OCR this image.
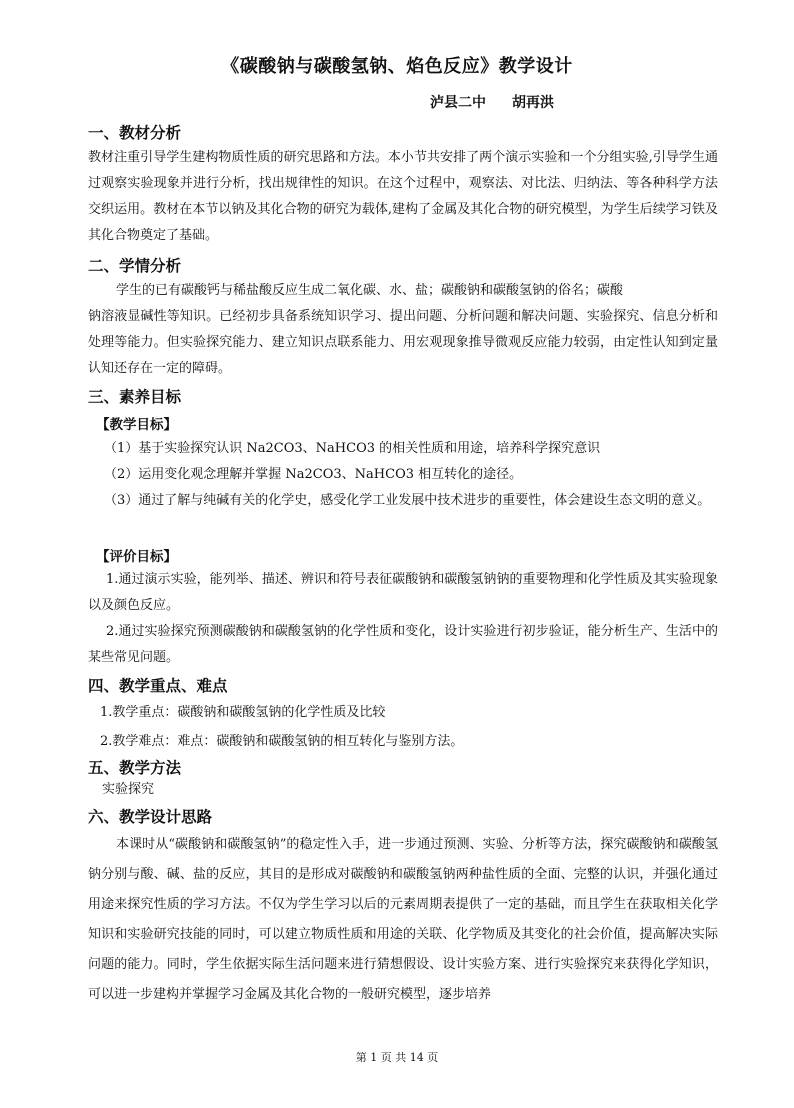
《碳酸钠与碳酸氢钠、焰色反应》教学设计
泸县二中 胡再洪
一、教材分析
教材注重引导学生建构物质性质的研究思路和方法。本小节共安排了两个演示实验和一个分组实验,引导学生通过观察实验现象并进行分析，找出规律性的知识。在这个过程中，观察法、对比法、归纳法、等各种科学方法交织运用。教材在本节以钠及其化合物的研究为载体,建构了金属及其化合物的研究模型，为学生后续学习铁及其化合物奠定了基础。
二、学情分析
学生的已有碳酸钙与稀盐酸反应生成二氧化碳、水、盐；碳酸钠和碳酸氢钠的俗名；碳酸
钠溶液显碱性等知识。已经初步具备系统知识学习、提出问题、分析问题和解决问题、实验探究、信息分析和处理等能力。但实验探究能力、建立知识点联系能力、用宏观现象推导微观反应能力较弱，由定性认知到定量认知还存在一定的障碍。
三、素养目标
【教学目标】
（1）基于实验探究认识 Na2CO3、NaHCO3 的相关性质和用途，培养科学探究意识
（2）运用变化观念理解并掌握 Na2CO3、NaHCO3 相互转化的途径。
（3）通过了解与纯碱有关的化学史，感受化学工业发展中技术进步的重要性，体会建设生态文明的意义。
【评价目标】
1.通过演示实验，能列举、描述、辨识和符号表征碳酸钠和碳酸氢钠钠的重要物理和化学性质及其实验现象以及颜色反应。
2.通过实验探究预测碳酸钠和碳酸氢钠的化学性质和变化，设计实验进行初步验证，能分析生产、生活中的某些常见问题。
四、教学重点、难点
1.教学重点：碳酸钠和碳酸氢钠的化学性质及比较
2.教学难点：难点：碳酸钠和碳酸氢钠的相互转化与鉴别方法。
五、教学方法
实验探究
六、教学设计思路
本课时从“碳酸钠和碳酸氢钠”的稳定性入手，进一步通过预测、实验、分析等方法，探究碳酸钠和碳酸氢钠分别与酸、碱、盐的反应，其目的是形成对碳酸钠和碳酸氢钠两种盐性质的全面、完整的认识，并强化通过用途来探究性质的学习方法。不仅为学生学习以后的元素周期表提供了一定的基础，而且学生在获取相关化学知识和实验研究技能的同时，可以建立物质性质和用途的关联、化学物质及其变化的社会价值，提高解决实际问题的能力。同时，学生依据实际生活问题来进行猜想假设、设计实验方案、进行实验探究来获得化学知识，可以进一步建构并掌握学习金属及其化合物的一般研究模型，逐步培养
第 1 页 共 14 页
